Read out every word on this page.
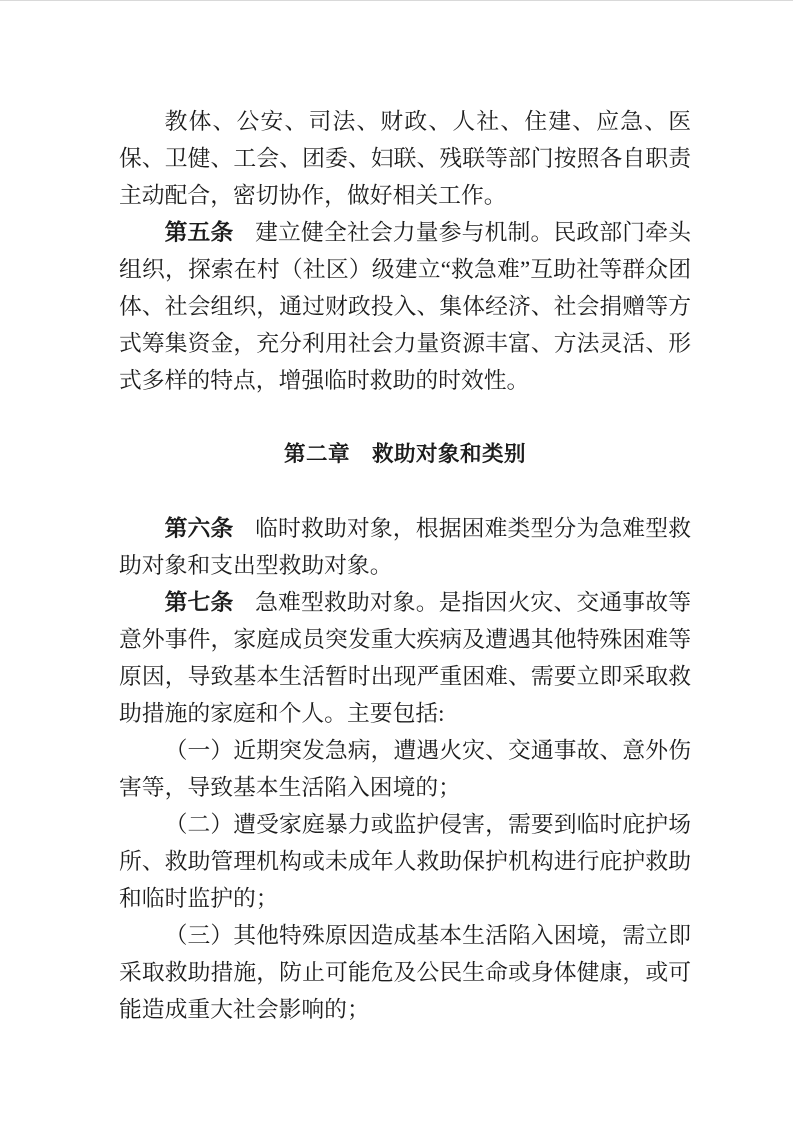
教体、公安、司法、财政、人社、住建、应急、医保、卫健、工会、团委、妇联、残联等部门按照各自职责主动配合，密切协作，做好相关工作。

第五条 建立健全社会力量参与机制。民政部门牵头组织，探索在村（社区）级建立“救急难”互助社等群众团体、社会组织，通过财政投入、集体经济、社会捐赠等方式筹集资金，充分利用社会力量资源丰富、方法灵活、形式多样的特点，增强临时救助的时效性。

第二章　救助对象和类别

第六条 临时救助对象，根据困难类型分为急难型救助对象和支出型救助对象。

第七条 急难型救助对象。是指因火灾、交通事故等意外事件，家庭成员突发重大疾病及遭遇其他特殊困难等原因，导致基本生活暂时出现严重困难、需要立即采取救助措施的家庭和个人。主要包括:

（一）近期突发急病，遭遇火灾、交通事故、意外伤害等，导致基本生活陷入困境的；

（二）遭受家庭暴力或监护侵害，需要到临时庇护场所、救助管理机构或未成年人救助保护机构进行庇护救助和临时监护的；

（三）其他特殊原因造成基本生活陷入困境，需立即采取救助措施，防止可能危及公民生命或身体健康，或可能造成重大社会影响的；
